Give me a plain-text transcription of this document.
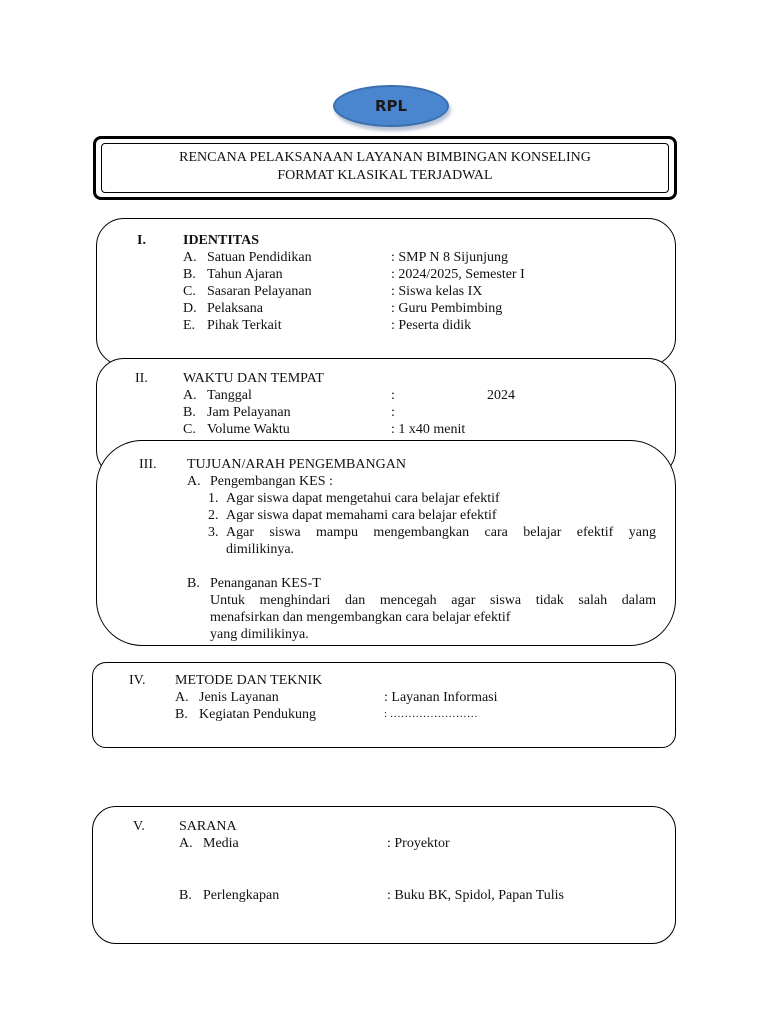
RPL
RENCANA PELAKSANAAN LAYANAN BIMBINGAN KONSELING
FORMAT KLASIKAL TERJADWAL
I.	IDENTITAS
A. Satuan Pendidikan	: SMP N 8 Sijunjung
B. Tahun Ajaran	: 2024/2025, Semester I
C. Sasaran Pelayanan	: Siswa kelas IX
D. Pelaksana	: Guru Pembimbing
E. Pihak Terkait	: Peserta didik
II.	WAKTU DAN TEMPAT
A. Tanggal	:	2024
B. Jam Pelayanan	:
C. Volume Waktu	: 1 x40 menit
III. TUJUAN/ARAH PENGEMBANGAN
A. Pengembangan KES :
1. Agar siswa dapat mengetahui cara belajar efektif
2. Agar siswa dapat memahami cara belajar efektif
3. Agar siswa mampu mengembangkan cara belajar efektif yang
dimilikinya.
B. Penanganan KES-T
Untuk menghindari dan mencegah agar siswa tidak salah dalam
menafsirkan dan mengembangkan cara belajar efektif
yang dimilikinya.
IV. METODE DAN TEKNIK
A. Jenis Layanan	: Layanan Informasi
B. Kegiatan Pendukung	: ……………………
V. SARANA
A. Media	: Proyektor
B. Perlengkapan	: Buku BK, Spidol, Papan Tulis
